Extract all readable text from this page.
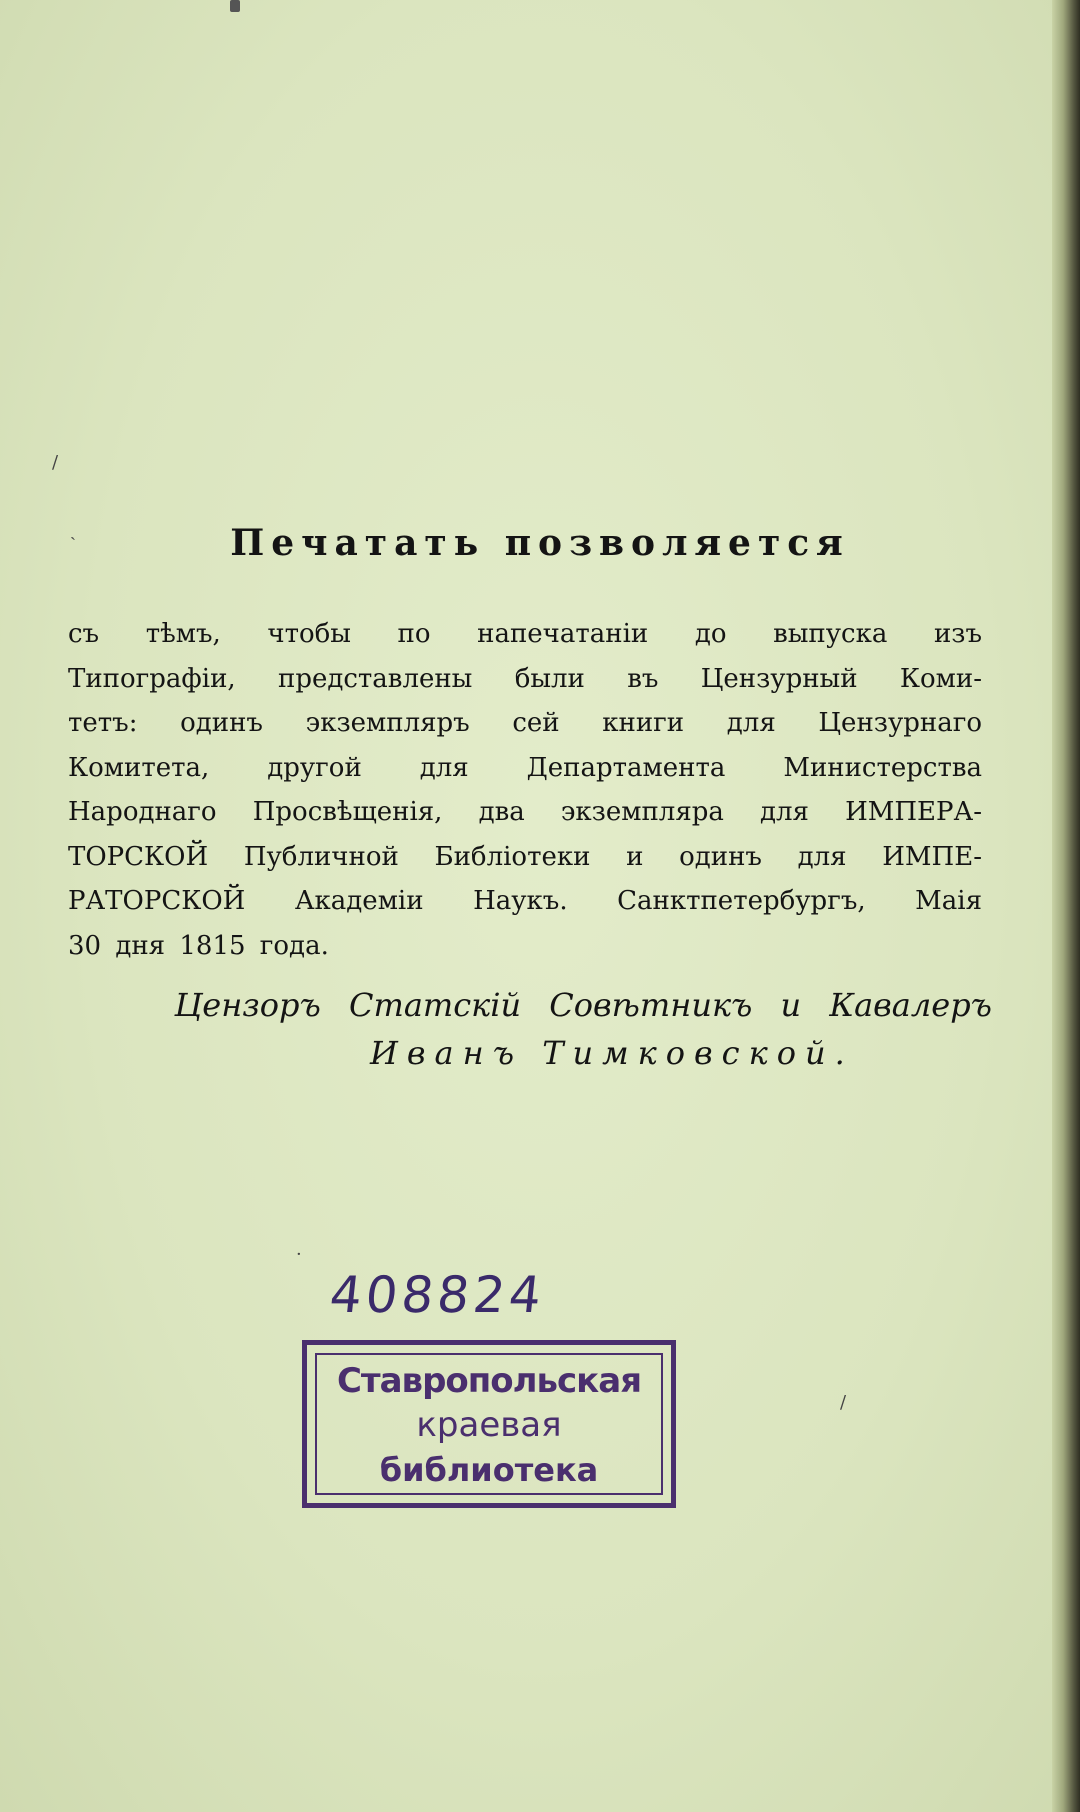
Печатать позволяется
съ тѣмъ, чтобы по напечатаніи до выпуска изъ
Типографіи, представлены были въ Цензурный Коми-
тетъ: одинъ экземпляръ сей книги для Цензурнаго
Комитета, другой для Департамента Министерства
Народнаго Просвѣщенія, два экземпляра для ИМПЕРА-
ТОРСКОЙ Публичной Библіотеки и одинъ для ИМПЕ-
РАТОРСКОЙ Академіи Наукъ. Санктпетербургъ, Маія
30 дня 1815 года.
Цензоръ Статскій Совѣтникъ и Кавалеръ
Иванъ Тимковской.
408824
Ставропольская
краевая
библиотека
/
ˎ
·
/
